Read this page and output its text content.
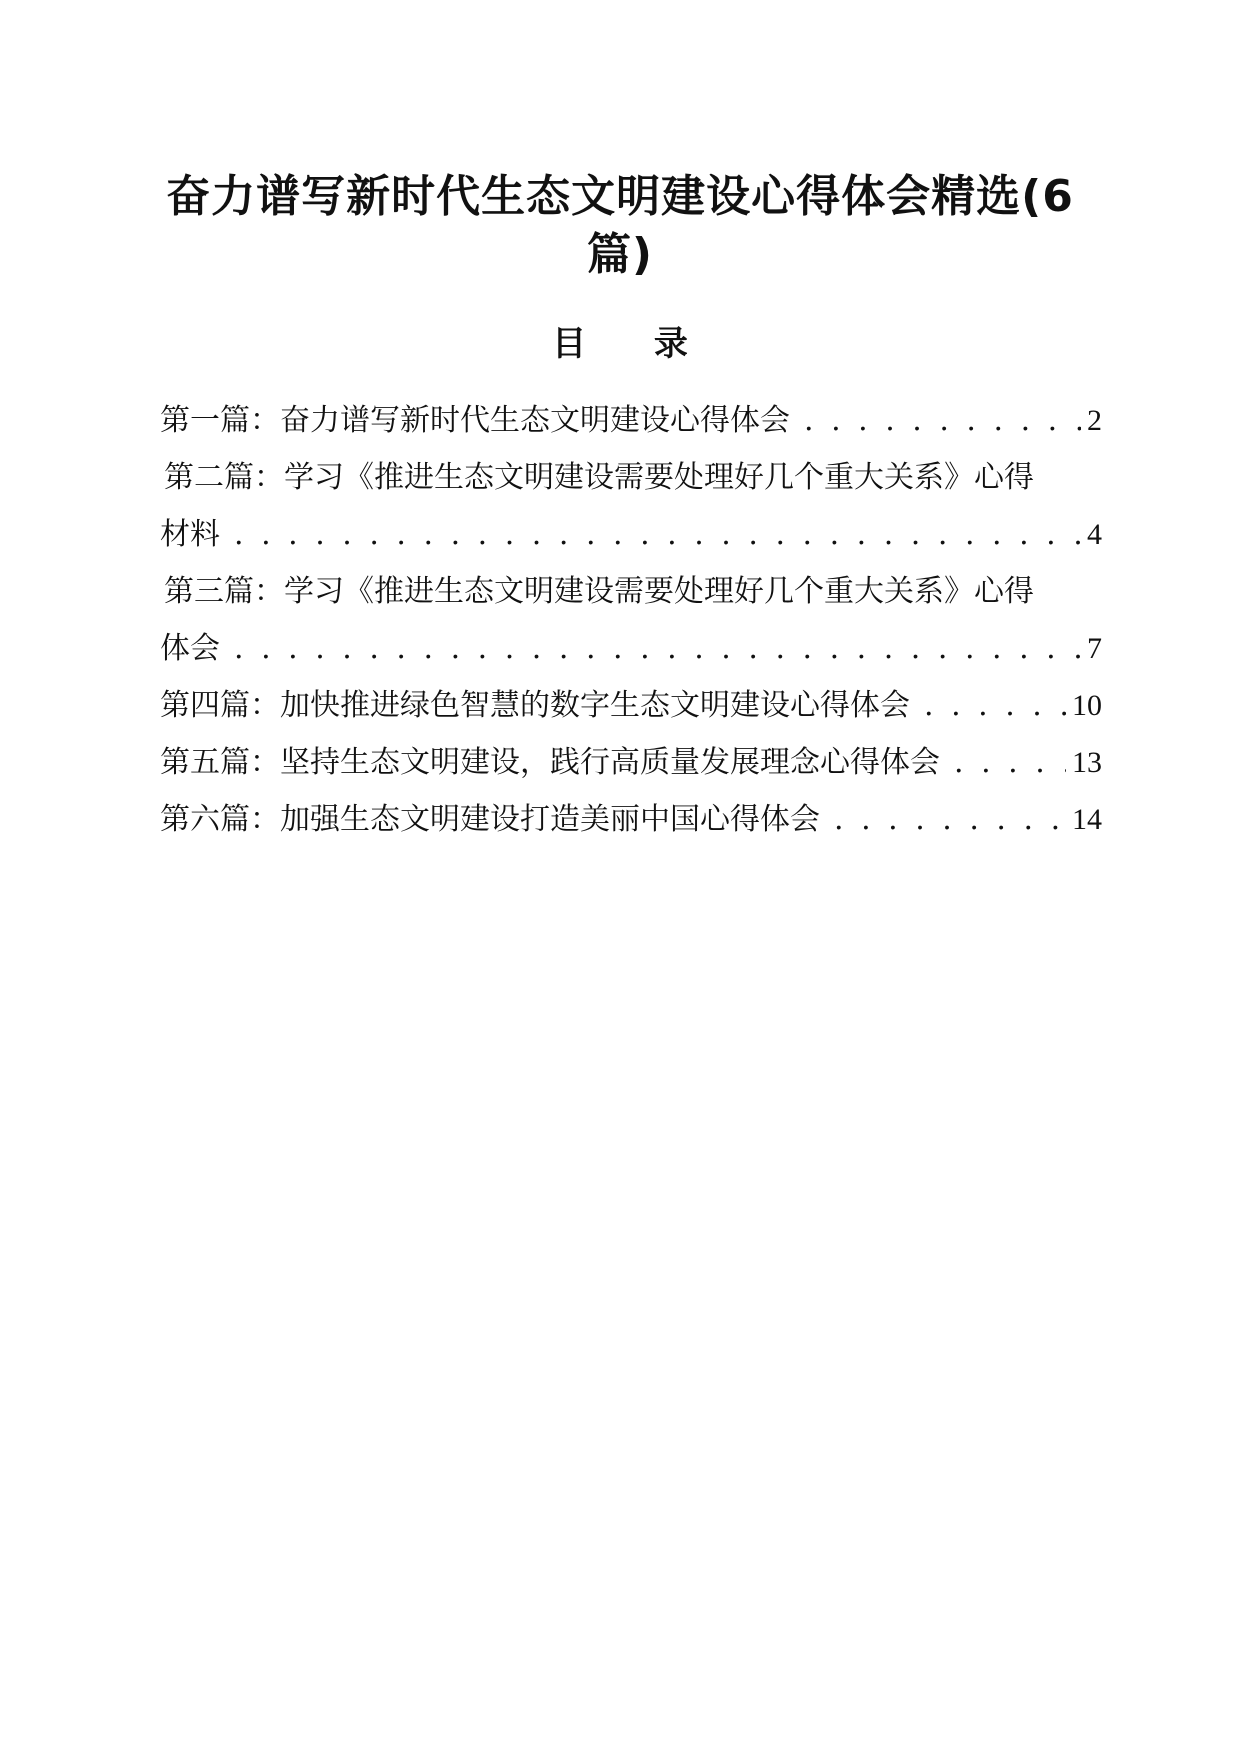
奋力谱写新时代生态文明建设心得体会精选(6篇)
目 录
第一篇：奋力谱写新时代生态文明建设心得体会 . . .	2
第二篇：学习《推进生态文明建设需要处理好几个重大关系》心得
材料 . . .	4
第三篇：学习《推进生态文明建设需要处理好几个重大关系》心得
体会 . . .	7
第四篇：加快推进绿色智慧的数字生态文明建设心得体会 . . .	10
第五篇：坚持生态文明建设，践行高质量发展理念心得体会 . . .	13
第六篇：加强生态文明建设打造美丽中国心得体会 . . .	14
